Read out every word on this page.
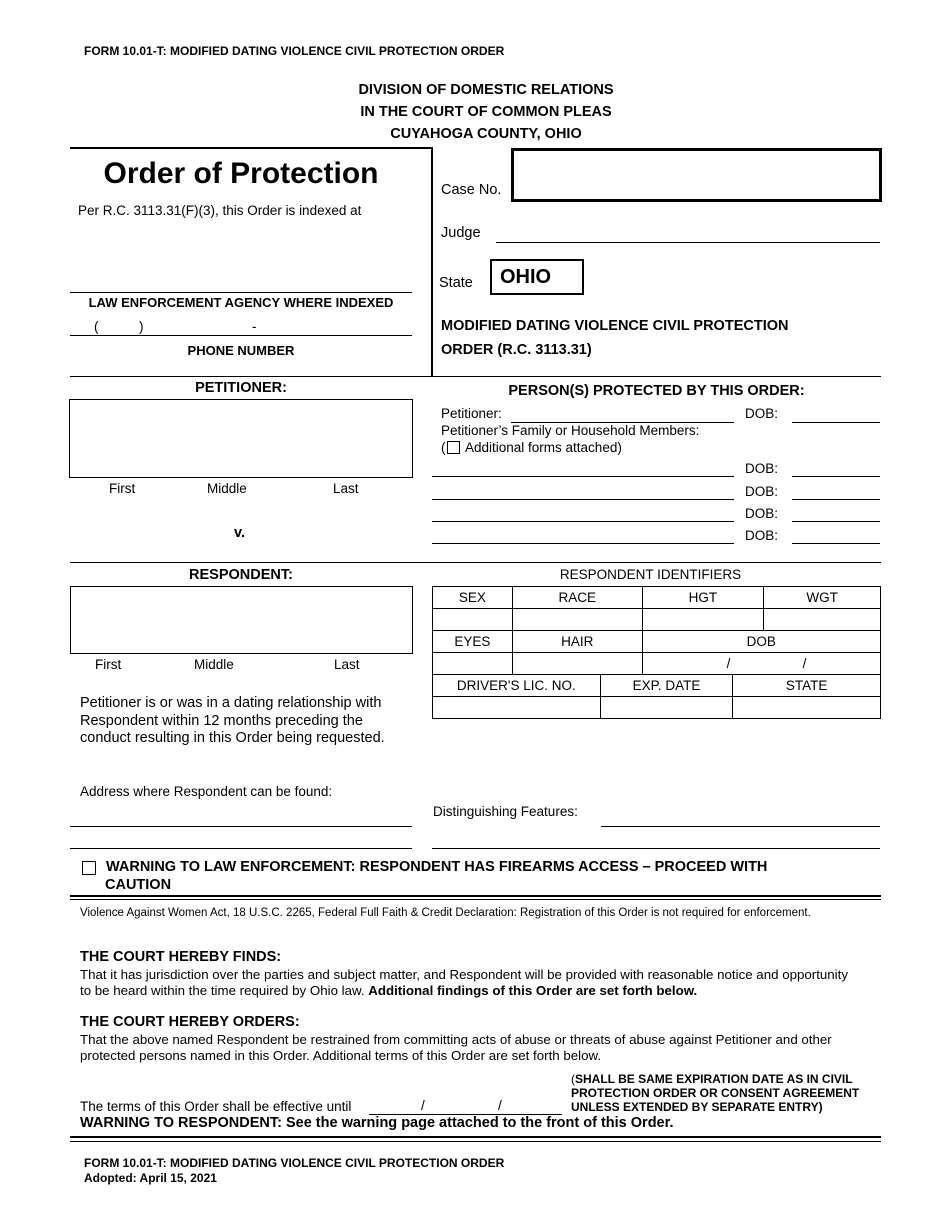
FORM 10.01-T: MODIFIED DATING VIOLENCE CIVIL PROTECTION ORDER
DIVISION OF DOMESTIC RELATIONS
IN THE COURT OF COMMON PLEAS
CUYAHOGA COUNTY, OHIO
Order of Protection
Per R.C. 3113.31(F)(3), this Order is indexed at
LAW ENFORCEMENT AGENCY WHERE INDEXED
(	)	-
PHONE NUMBER
Case No.
Judge
State OHIO
MODIFIED DATING VIOLENCE CIVIL PROTECTION
ORDER (R.C. 3113.31)
PETITIONER:
First	Middle	Last
v.
PERSON(S) PROTECTED BY THIS ORDER:
Petitioner:	DOB:
Petitioner’s Family or Household Members:
( Additional forms attached)
DOB:
DOB:
DOB:
DOB:
RESPONDENT:
First	Middle	Last
Petitioner is or was in a dating relationship with Respondent within 12 months preceding the conduct resulting in this Order being requested.
Address where Respondent can be found:
RESPONDENT IDENTIFIERS
SEX	RACE	HGT	WGT

EYES	HAIR	DOB	

		/ /	
DRIVER'S LIC. NO.	EXP. DATE	STATE

Distinguishing Features:
WARNING TO LAW ENFORCEMENT: RESPONDENT HAS FIREARMS ACCESS – PROCEED WITH
CAUTION
Violence Against Women Act, 18 U.S.C. 2265, Federal Full Faith & Credit Declaration: Registration of this Order is not required for enforcement.
THE COURT HEREBY FINDS:
That it has jurisdiction over the parties and subject matter, and Respondent will be provided with reasonable notice and opportunity to be heard within the time required by Ohio law. Additional findings of this Order are set forth below.
THE COURT HEREBY ORDERS:
That the above named Respondent be restrained from committing acts of abuse or threats of abuse against Petitioner and other protected persons named in this Order. Additional terms of this Order are set forth below.
The terms of this Order shall be effective until	/	/
(SHALL BE SAME EXPIRATION DATE AS IN CIVIL
PROTECTION ORDER OR CONSENT AGREEMENT
UNLESS EXTENDED BY SEPARATE ENTRY)
WARNING TO RESPONDENT: See the warning page attached to the front of this Order.
FORM 10.01-T: MODIFIED DATING VIOLENCE CIVIL PROTECTION ORDER
Adopted: April 15, 2021
